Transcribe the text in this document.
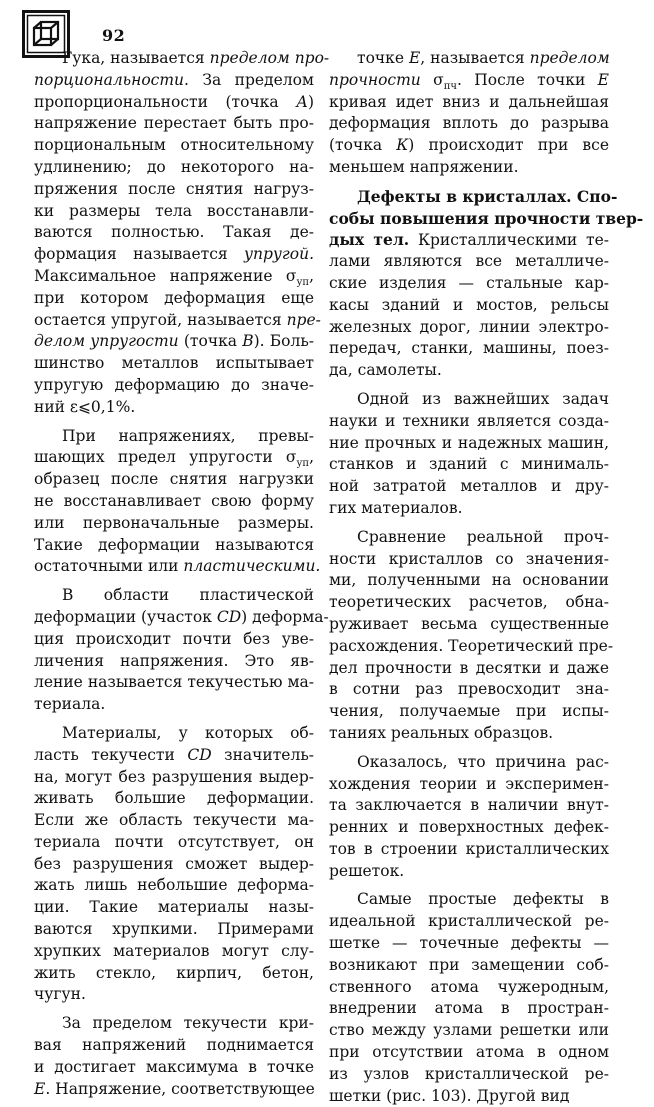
92
Гука, называется пределом про-
порциональности. За пределом
пропорциональности (точка А)
напряжение перестает быть про-
порциональным относительному
удлинению; до некоторого на-
пряжения после снятия нагруз-
ки размеры тела восстанавли-
ваются полностью. Такая де-
формация называется упругой.
Максимальное напряжение $\sigma_{уп}$,
при котором деформация еще
остается упругой, называется пре-
делом упругости (точка В). Боль-
шинство металлов испытывает
упругую деформацию до значе-
ний ε⩽0,1%.
При напряжениях, превы-
шающих предел упругости $\sigma_{уп}$,
образец после снятия нагрузки
не восстанавливает свою форму
или первоначальные размеры.
Такие деформации называются
остаточными или пластическими.
В области пластической
деформации (участок CD) деформа-
ция происходит почти без уве-
личения напряжения. Это яв-
ление называется текучестью ма-
териала.
Материалы, у которых об-
ласть текучести CD значитель-
на, могут без разрушения выдер-
живать большие деформации.
Если же область текучести ма-
териала почти отсутствует, он
без разрушения сможет выдер-
жать лишь небольшие деформа-
ции. Такие материалы назы-
ваются хрупкими. Примерами
хрупких материалов могут слу-
жить стекло, кирпич, бетон,
чугун.
За пределом текучести кри-
вая напряжений поднимается
и достигает максимума в точке
Е. Напряжение, соответствующее
точке Е, называется пределом
прочности $\sigma_{пч}$. После точки Е
кривая идет вниз и дальнейшая
деформация вплоть до разрыва
(точка К) происходит при все
меньшем напряжении.
Дефекты в кристаллах. Спо-
собы повышения прочности твер-
дых тел. Кристаллическими те-
лами являются все металличе-
ские изделия — стальные кар-
касы зданий и мостов, рельсы
железных дорог, линии электро-
передач, станки, машины, поез-
да, самолеты.
Одной из важнейших задач
науки и техники является созда-
ние прочных и надежных машин,
станков и зданий с минималь-
ной затратой металлов и дру-
гих материалов.
Сравнение реальной проч-
ности кристаллов со значения-
ми, полученными на основании
теоретических расчетов, обна-
руживает весьма существенные
расхождения. Теоретический пре-
дел прочности в десятки и даже
в сотни раз превосходит зна-
чения, получаемые при испы-
таниях реальных образцов.
Оказалось, что причина рас-
хождения теории и эксперимен-
та заключается в наличии внут-
ренних и поверхностных дефек-
тов в строении кристаллических
решеток.
Самые простые дефекты в
идеальной кристаллической ре-
шетке — точечные дефекты —
возникают при замещении соб-
ственного атома чужеродным,
внедрении атома в простран-
ство между узлами решетки или
при отсутствии атома в одном
из узлов кристаллической ре-
шетки (рис. 103). Другой вид
